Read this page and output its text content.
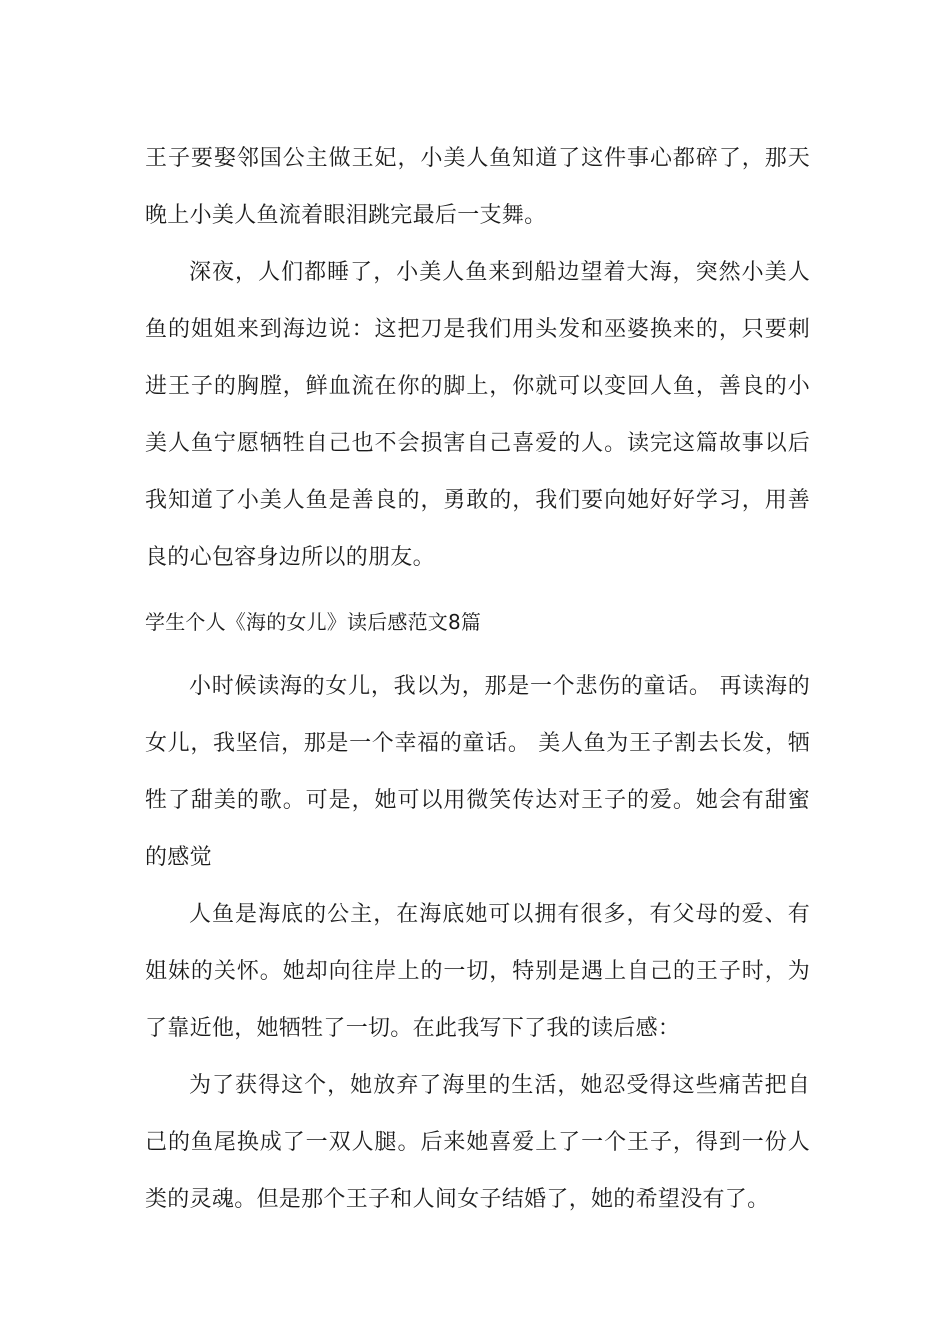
王子要娶邻国公主做王妃，小美人鱼知道了这件事心都碎了，那天晚上小美人鱼流着眼泪跳完最后一支舞。

深夜，人们都睡了，小美人鱼来到船边望着大海，突然小美人鱼的姐姐来到海边说：这把刀是我们用头发和巫婆换来的，只要刺进王子的胸膛，鲜血流在你的脚上，你就可以变回人鱼，善良的小美人鱼宁愿牺牲自己也不会损害自己喜爱的人。读完这篇故事以后我知道了小美人鱼是善良的，勇敢的，我们要向她好好学习，用善良的心包容身边所以的朋友。

学生个人《海的女儿》读后感范文8篇

小时候读海的女儿，我以为，那是一个悲伤的童话。 再读海的女儿，我坚信，那是一个幸福的童话。 美人鱼为王子割去长发，牺牲了甜美的歌。可是，她可以用微笑传达对王子的爱。她会有甜蜜的感觉

人鱼是海底的公主，在海底她可以拥有很多，有父母的爱、有姐妹的关怀。她却向往岸上的一切，特别是遇上自己的王子时，为了靠近他，她牺牲了一切。在此我写下了我的读后感：

为了获得这个，她放弃了海里的生活，她忍受得这些痛苦把自己的鱼尾换成了一双人腿。后来她喜爱上了一个王子，得到一份人类的灵魂。但是那个王子和人间女子结婚了，她的希望没有了。
